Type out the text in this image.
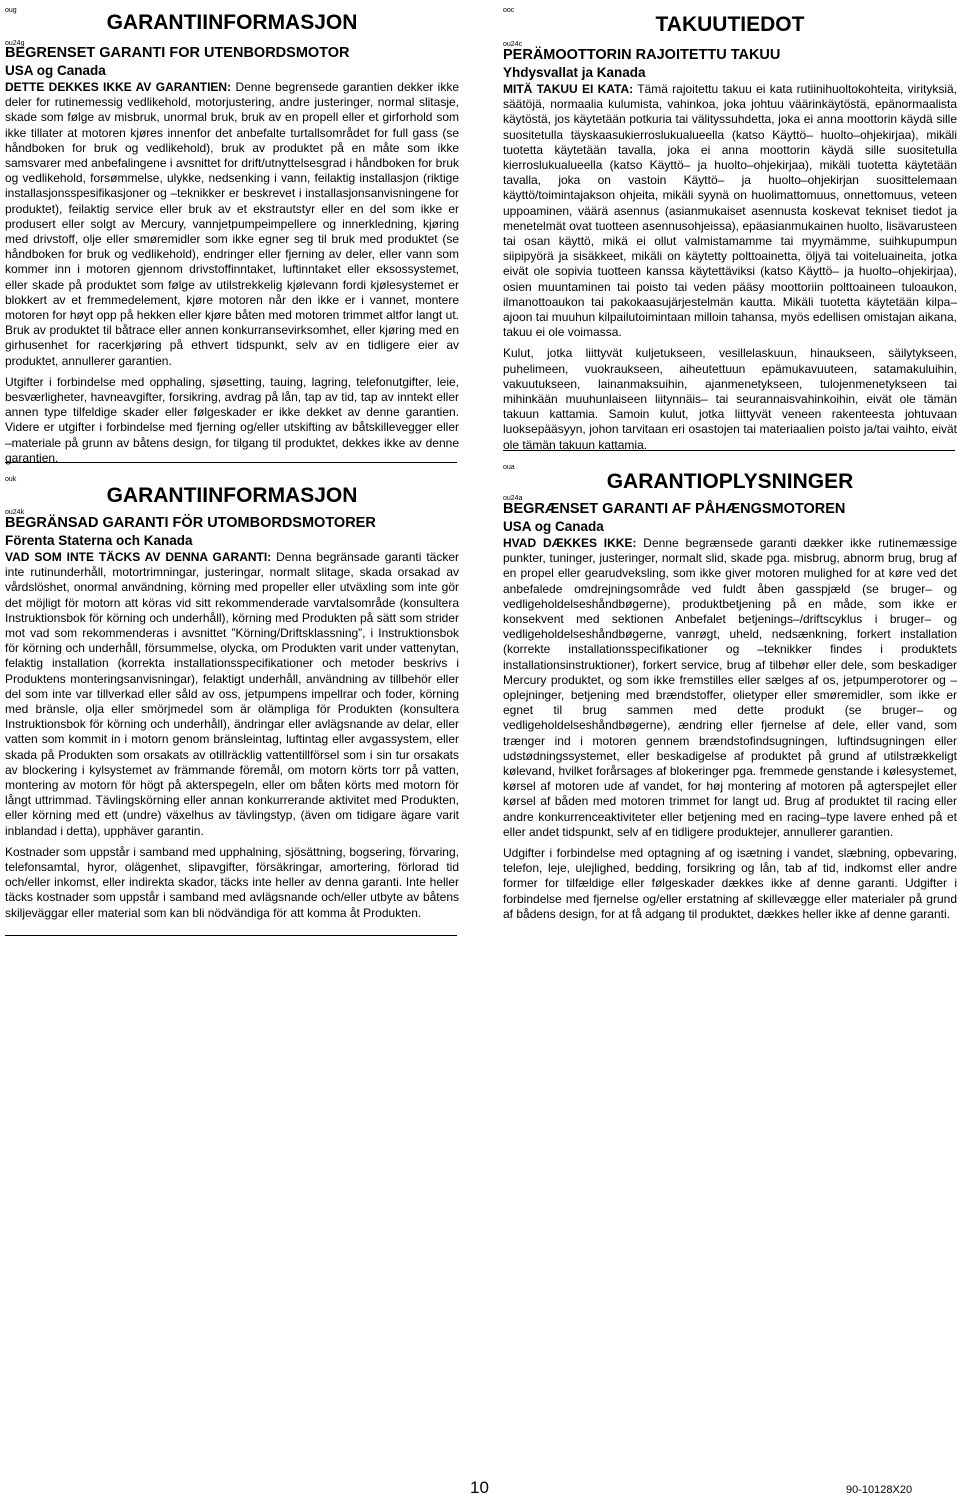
oug
GARANTIINFORMASJON
ou24g
BEGRENSET GARANTI FOR UTENBORDSMOTOR
USA og Canada

DETTE DEKKES IKKE AV GARANTIEN: Denne begrensede garantien dekker ikke deler for rutinemessig vedlikehold, motorjustering, andre justeringer, normal slitasje, skade som følge av misbruk, unormal bruk, bruk av en propell eller et girforhold som ikke tillater at motoren kjøres innenfor det anbefalte turtallsområdet for full gass (se håndboken for bruk og vedlikehold), bruk av produktet på en måte som ikke samsvarer med anbefalingene i avsnittet for drift/utnyttelsesgrad i håndboken for bruk og vedlikehold, forsømmelse, ulykke, nedsenking i vann, feilaktig installasjon (riktige installasjonsspesifikasjoner og –teknikker er beskrevet i installasjonsanvisningene for produktet), feilaktig service eller bruk av et ekstrautstyr eller en del som ikke er produsert eller solgt av Mercury, vannjetpumpeimpellere og innerkledning, kjøring med drivstoff, olje eller smøremidler som ikke egner seg til bruk med produktet (se håndboken for bruk og vedlikehold), endringer eller fjerning av deler, eller vann som kommer inn i motoren gjennom drivstoffinntaket, luftinntaket eller eksossystemet, eller skade på produktet som følge av utilstrekkelig kjølevann fordi kjølesystemet er blokkert av et fremmedelement, kjøre motoren når den ikke er i vannet, montere motoren for høyt opp på hekken eller kjøre båten med motoren trimmet altfor langt ut. Bruk av produktet til båtrace eller annen konkurransevirksomhet, eller kjøring med en girhusenhet for racerkjøring på ethvert tidspunkt, selv av en tidligere eier av produktet, annullerer garantien.

Utgifter i forbindelse med opphaling, sjøsetting, tauing, lagring, telefonutgifter, leie, besværligheter, havneavgifter, forsikring, avdrag på lån, tap av tid, tap av inntekt eller annen type tilfeldige skader eller følgeskader er ikke dekket av denne garantien. Videre er utgifter i forbindelse med fjerning og/eller utskifting av båtskillevegger eller –materiale på grunn av båtens design, for tilgang til produktet, dekkes ikke av denne garantien.

ouk
GARANTIINFORMASJON
ou24k
BEGRÄNSAD GARANTI FÖR UTOMBORDSMOTORER
Förenta Staterna och Kanada

VAD SOM INTE TÄCKS AV DENNA GARANTI: Denna begränsade garanti täcker inte rutinunderhåll, motortrimningar, justeringar, normalt slitage, skada orsakad av vårdslöshet, onormal användning, körning med propeller eller utväxling som inte gör det möjligt för motorn att köras vid sitt rekommenderade varvtalsområde (konsultera Instruktionsbok för körning och underhåll), körning med Produkten på sätt som strider mot vad som rekommenderas i avsnittet ”Körning/Driftsklassning”, i Instruktionsbok för körning och underhåll, försummelse, olycka, om Produkten varit under vattenytan, felaktig installation (korrekta installationsspecifikationer och metoder beskrivs i Produktens monteringsanvisningar), felaktigt underhåll, användning av tillbehör eller del som inte var tillverkad eller såld av oss, jetpumpens impellrar och foder, körning med bränsle, olja eller smörjmedel som är olämpliga för Produkten (konsultera Instruktionsbok för körning och underhåll), ändringar eller avlägsnande av delar, eller vatten som kommit in i motorn genom bränsleintag, luftintag eller avgassystem, eller skada på Produkten som orsakats av otillräcklig vattentillförsel som i sin tur orsakats av blockering i kylsystemet av främmande föremål, om motorn körts torr på vatten, montering av motorn för högt på akterspegeln, eller om båten körts med motorn för långt uttrimmad. Tävlingskörning eller annan konkurrerande aktivitet med Produkten, eller körning med ett (undre) växelhus av tävlingstyp, (även om tidigare ägare varit inblandad i detta), upphäver garantin.

Kostnader som uppstår i samband med upphalning, sjösättning, bogsering, förvaring, telefonsamtal, hyror, olägenhet, slipavgifter, försäkringar, amortering, förlorad tid och/eller inkomst, eller indirekta skador, täcks inte heller av denna garanti. Inte heller täcks kostnader som uppstår i samband med avlägsnande och/eller utbyte av båtens skiljeväggar eller material som kan bli nödvändiga för att komma åt Produkten.

ooc
TAKUUTIEDOT
ou24c
PERÄMOOTTORIN RAJOITETTU TAKUU
Yhdysvallat ja Kanada

MITÄ TAKUU EI KATA: Tämä rajoitettu takuu ei kata rutiinihuoltokohteita, virityksiä, säätöjä, normaalia kulumista, vahinkoa, joka johtuu väärinkäytöstä, epänormaalista käytöstä, jos käytetään potkuria tai välityssuhdetta, joka ei anna moottorin käydä sille suositetulla täyskaasukierroslukualueella (katso Käyttö– huolto–ohjekirjaa), mikäli tuotetta käytetään tavalla, joka ei anna moottorin käydä sille suositetulla kierroslukualueella (katso Käyttö– ja huolto–ohjekirjaa), mikäli tuotetta käytetään tavalla, joka on vastoin Käyttö– ja huolto–ohjekirjan suosittelemaan käyttö/toimintajakson ohjeita, mikäli syynä on huolimattomuus, onnettomuus, veteen uppoaminen, väärä asennus (asianmukaiset asennusta koskevat tekniset tiedot ja menetelmät ovat tuotteen asennusohjeissa), epäasianmukainen huolto, lisävarusteen tai osan käyttö, mikä ei ollut valmistamamme tai myymämme, suihkupumpun siipipyörä ja sisäkkeet, mikäli on käytetty polttoainetta, öljyä tai voiteluaineita, jotka eivät ole sopivia tuotteen kanssa käytettäviksi (katso Käyttö– ja huolto–ohjekirjaa), osien muuntaminen tai poisto tai veden pääsy moottoriin polttoaineen tuloaukon, ilmanottoaukon tai pakokaasujärjestelmän kautta. Mikäli tuotetta käytetään kilpa–ajoon tai muuhun kilpailutoimintaan milloin tahansa, myös edellisen omistajan aikana, takuu ei ole voimassa.

Kulut, jotka liittyvät kuljetukseen, vesillelaskuun, hinaukseen, säilytykseen, puhelimeen, vuokraukseen, aiheutettuun epämukavuuteen, satamakuluihin, vakuutukseen, lainanmaksuihin, ajanmenetykseen, tulojenmenetykseen tai mihinkään muuhunlaiseen liitynnäis– tai seurannaisvahinkoihin, eivät ole tämän takuun kattamia. Samoin kulut, jotka liittyvät veneen rakenteesta johtuvaan luoksepääsyyn, johon tarvitaan eri osastojen tai materiaalien poisto ja/tai vaihto, eivät ole tämän takuun kattamia.

oua
GARANTIOPLYSNINGER
ou24a
BEGRÆNSET GARANTI AF PÅHÆNGSMOTOREN
USA og Canada

HVAD DÆKKES IKKE: Denne begrænsede garanti dækker ikke rutinemæssige punkter, tuninger, justeringer, normalt slid, skade pga. misbrug, abnorm brug, brug af en propel eller gearudveksling, som ikke giver motoren mulighed for at køre ved det anbefalede omdrejningsområde ved fuldt åben gasspjæld (se bruger– og vedligeholdelseshåndbøgerne), produktbetjening på en måde, som ikke er konsekvent med sektionen Anbefalet betjenings–/driftscyklus i bruger– og vedligeholdelseshåndbøgerne, vanrøgt, uheld, nedsænkning, forkert installation (korrekte installationsspecifikationer og –teknikker findes i produktets installationsinstruktioner), forkert service, brug af tilbehør eller dele, som beskadiger Mercury produktet, og som ikke fremstilles eller sælges af os, jetpumperotorer og –oplejninger, betjening med brændstoffer, olietyper eller smøremidler, som ikke er egnet til brug sammen med dette produkt (se bruger– og vedligeholdelseshåndbøgerne), ændring eller fjernelse af dele, eller vand, som trænger ind i motoren gennem brændstofindsugningen, luftindsugningen eller udstødningssystemet, eller beskadigelse af produktet på grund af utilstrækkeligt kølevand, hvilket forårsages af blokeringer pga. fremmede genstande i kølesystemet, kørsel af motoren ude af vandet, for høj montering af motoren på agterspejlet eller kørsel af båden med motoren trimmet for langt ud. Brug af produktet til racing eller andre konkurrenceaktiviteter eller betjening med en racing–type lavere enhed på et eller andet tidspunkt, selv af en tidligere produktejer, annullerer garantien.

Udgifter i forbindelse med optagning af og isætning i vandet, slæbning, opbevaring, telefon, leje, ulejlighed, bedding, forsikring og lån, tab af tid, indkomst eller andre former for tilfældige eller følgeskader dækkes ikke af denne garanti. Udgifter i forbindelse med fjernelse og/eller erstatning af skillevægge eller materialer på grund af bådens design, for at få adgang til produktet, dækkes heller ikke af denne garanti.

10	90-10128X20
